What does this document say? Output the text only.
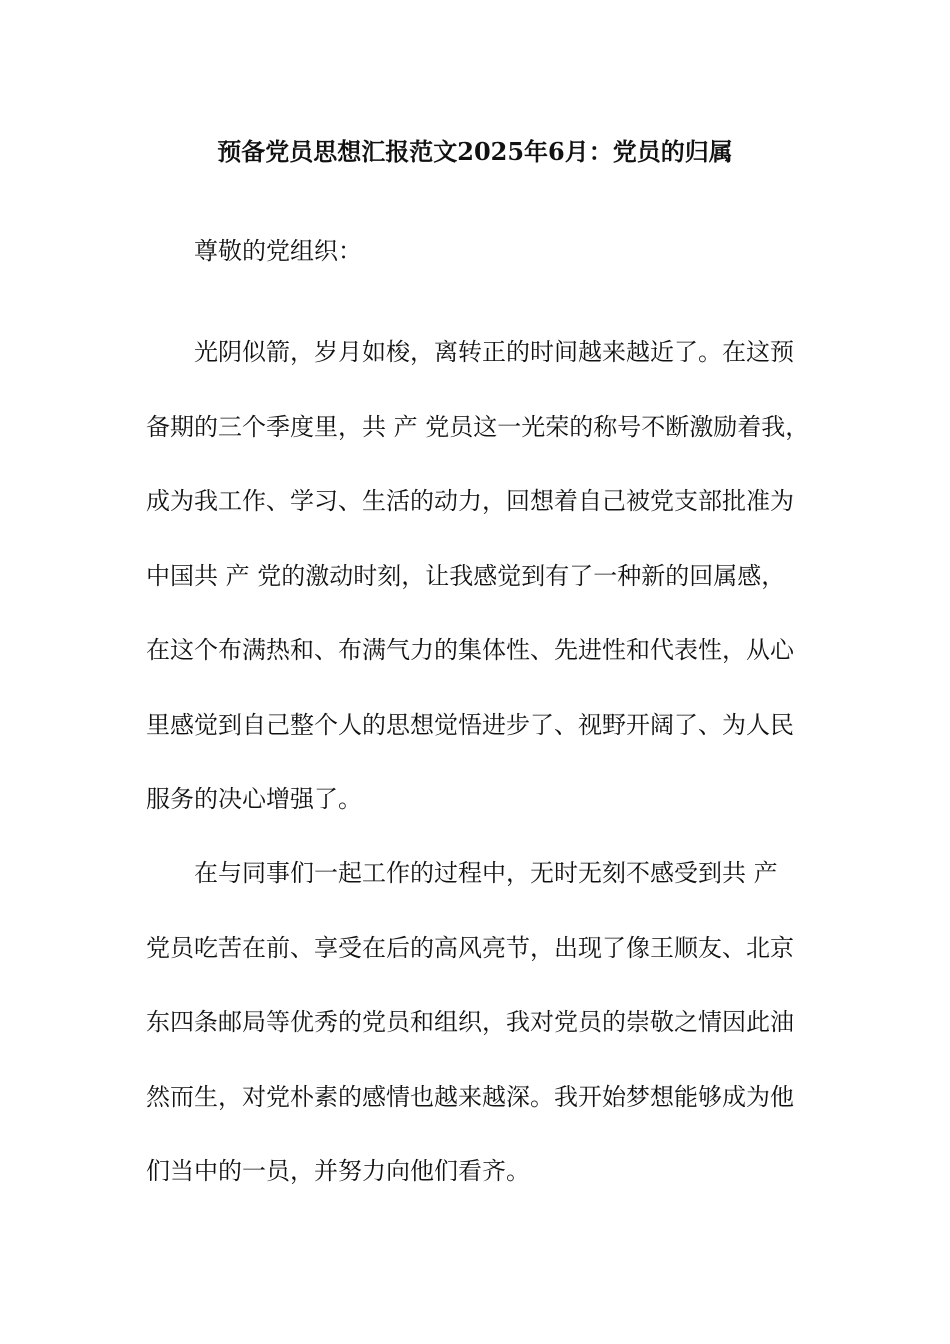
预备党员思想汇报范文2025年6月：党员的归属
尊敬的党组织：
光阴似箭，岁月如梭，离转正的时间越来越近了。在这预
备期的三个季度里，共 产 党员这一光荣的称号不断激励着我，
成为我工作、学习、生活的动力，回想着自己被党支部批准为
中国共 产 党的激动时刻，让我感觉到有了一种新的回属感，
在这个布满热和、布满气力的集体性、先进性和代表性，从心
里感觉到自己整个人的思想觉悟进步了、视野开阔了、为人民
服务的决心增强了。
在与同事们一起工作的过程中，无时无刻不感受到共 产
党员吃苦在前、享受在后的高风亮节，出现了像王顺友、北京
东四条邮局等优秀的党员和组织，我对党员的崇敬之情因此油
然而生，对党朴素的感情也越来越深。我开始梦想能够成为他
们当中的一员，并努力向他们看齐。
